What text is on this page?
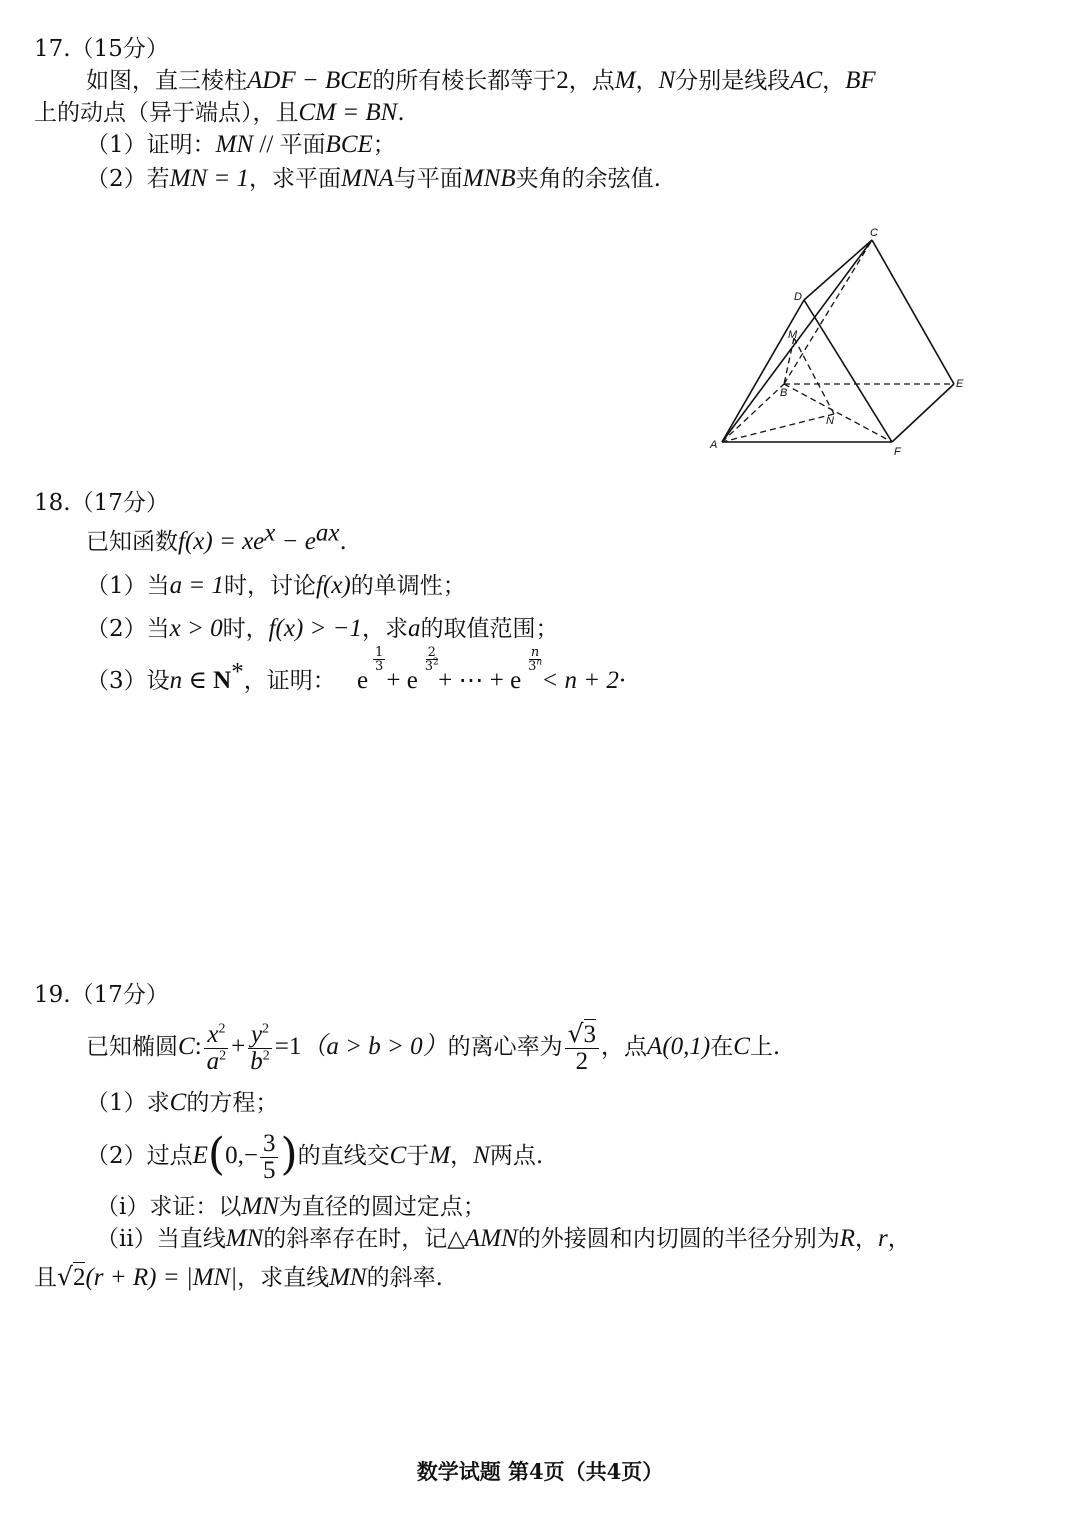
17.（15分）
如图，直三棱柱ADF − BCE的所有棱长都等于2，点M，N分别是线段AC，BF
上的动点（异于端点），且CM = BN.
（1）证明：MN // 平面BCE；
（2）若MN = 1，求平面MNA与平面MNB夹角的余弦值.
C
D
M
B
E
N
A
F
18.（17分）
已知函数$f(x) = xe^x - e^{ax}$.
（1）当a = 1时，讨论f(x)的单调性；
（2）当x > 0时，f(x) > −1，求a的取值范围；
（3）设n ∈ N*，证明： e
$\frac{1}{3}$
+ e
$\frac{2}{3^2}$
+ ⋯ + e
$\frac{n}{3^n}$
< n + 2·
19.（17分）
已知椭圆C: $\frac{x^2}{a^2} + \frac{y^2}{b^2} =1(a > b > 0)$的离心率为 $\frac{√3}{2}$ ，点A(0,1)在C上.
（1）求C的方程；
（2）过点$E(0,- \frac{3}{5}$ )的直线交C于M，N两点.
（i）求证：以MN为直径的圆过定点；
（ii）当直线MN的斜率存在时，记△AMN的外接圆和内切圆的半径分别为R，r，
且√2(r + R) = |MN|，求直线MN的斜率.
数学试题 第4页（共4页）
